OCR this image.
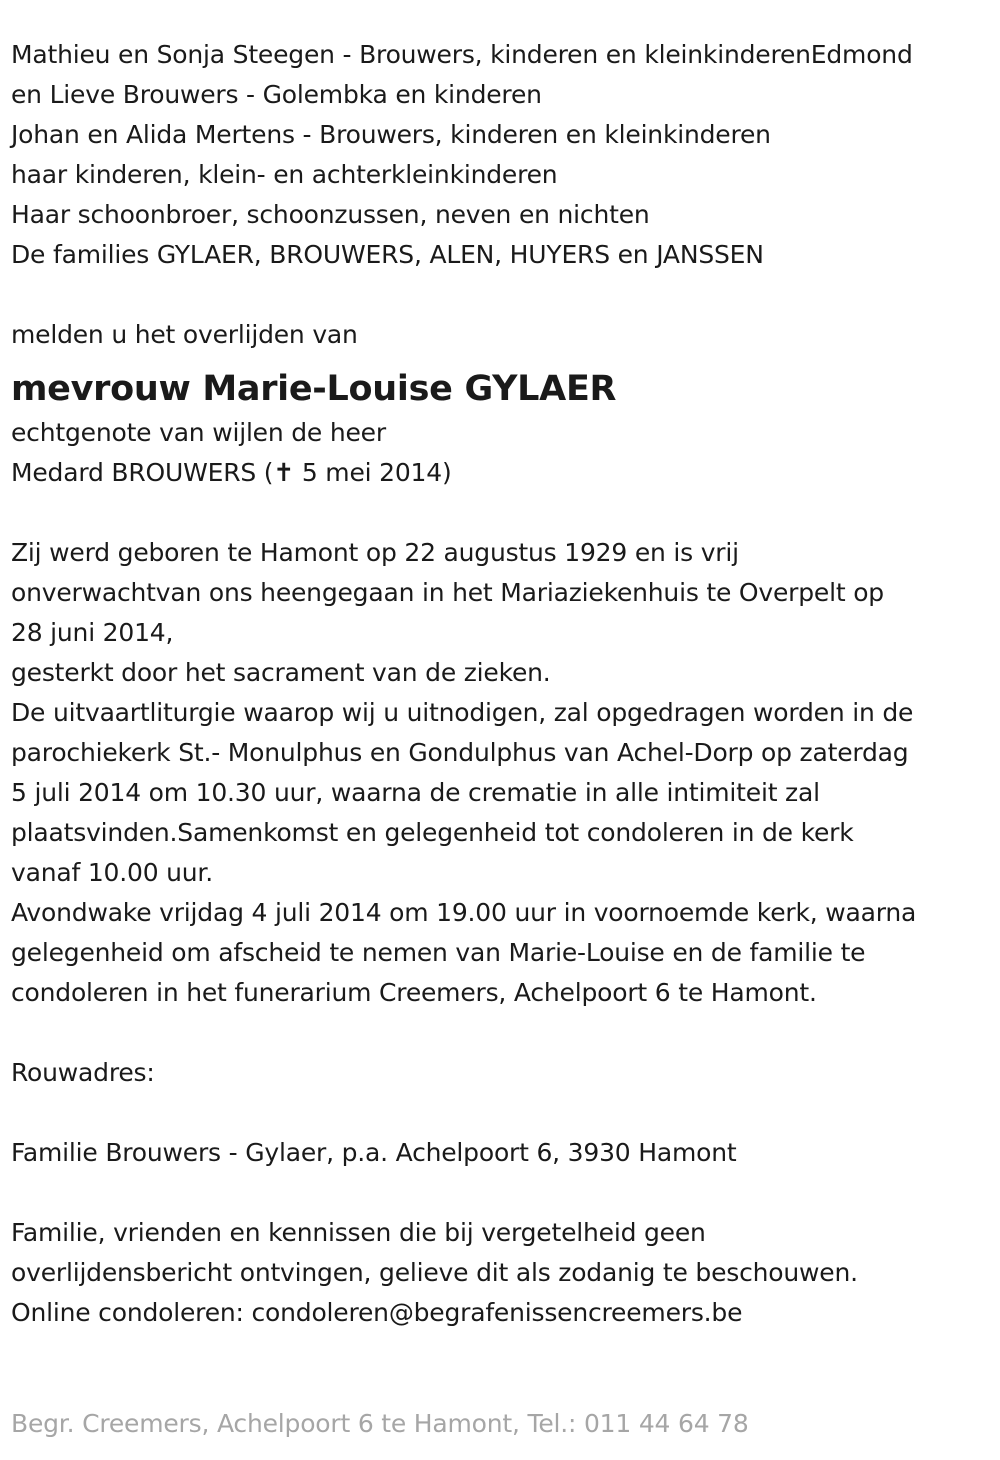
Mathieu en Sonja Steegen - Brouwers, kinderen en kleinkinderenEdmond
en Lieve Brouwers - Golembka en kinderen
Johan en Alida Mertens - Brouwers, kinderen en kleinkinderen
haar kinderen, klein- en achterkleinkinderen
Haar schoonbroer, schoonzussen, neven en nichten
De families GYLAER, BROUWERS, ALEN, HUYERS en JANSSEN
melden u het overlijden van
mevrouw Marie-Louise GYLAER
echtgenote van wijlen de heer
Medard BROUWERS (✝ 5 mei 2014)
Zij werd geboren te Hamont op 22 augustus 1929 en is vrij
onverwachtvan ons heengegaan in het Mariaziekenhuis te Overpelt op
28 juni 2014,
gesterkt door het sacrament van de zieken.
De uitvaartliturgie waarop wij u uitnodigen, zal opgedragen worden in de
parochiekerk St.- Monulphus en Gondulphus van Achel-Dorp op zaterdag
5 juli 2014 om 10.30 uur, waarna de crematie in alle intimiteit zal
plaatsvinden.Samenkomst en gelegenheid tot condoleren in de kerk
vanaf 10.00 uur.
Avondwake vrijdag 4 juli 2014 om 19.00 uur in voornoemde kerk, waarna
gelegenheid om afscheid te nemen van Marie-Louise en de familie te
condoleren in het funerarium Creemers, Achelpoort 6 te Hamont.
Rouwadres:
Familie Brouwers - Gylaer, p.a. Achelpoort 6, 3930 Hamont
Familie, vrienden en kennissen die bij vergetelheid geen
overlijdensbericht ontvingen, gelieve dit als zodanig te beschouwen.
Online condoleren: condoleren@begrafenissencreemers.be
Begr. Creemers, Achelpoort 6 te Hamont, Tel.: 011 44 64 78
